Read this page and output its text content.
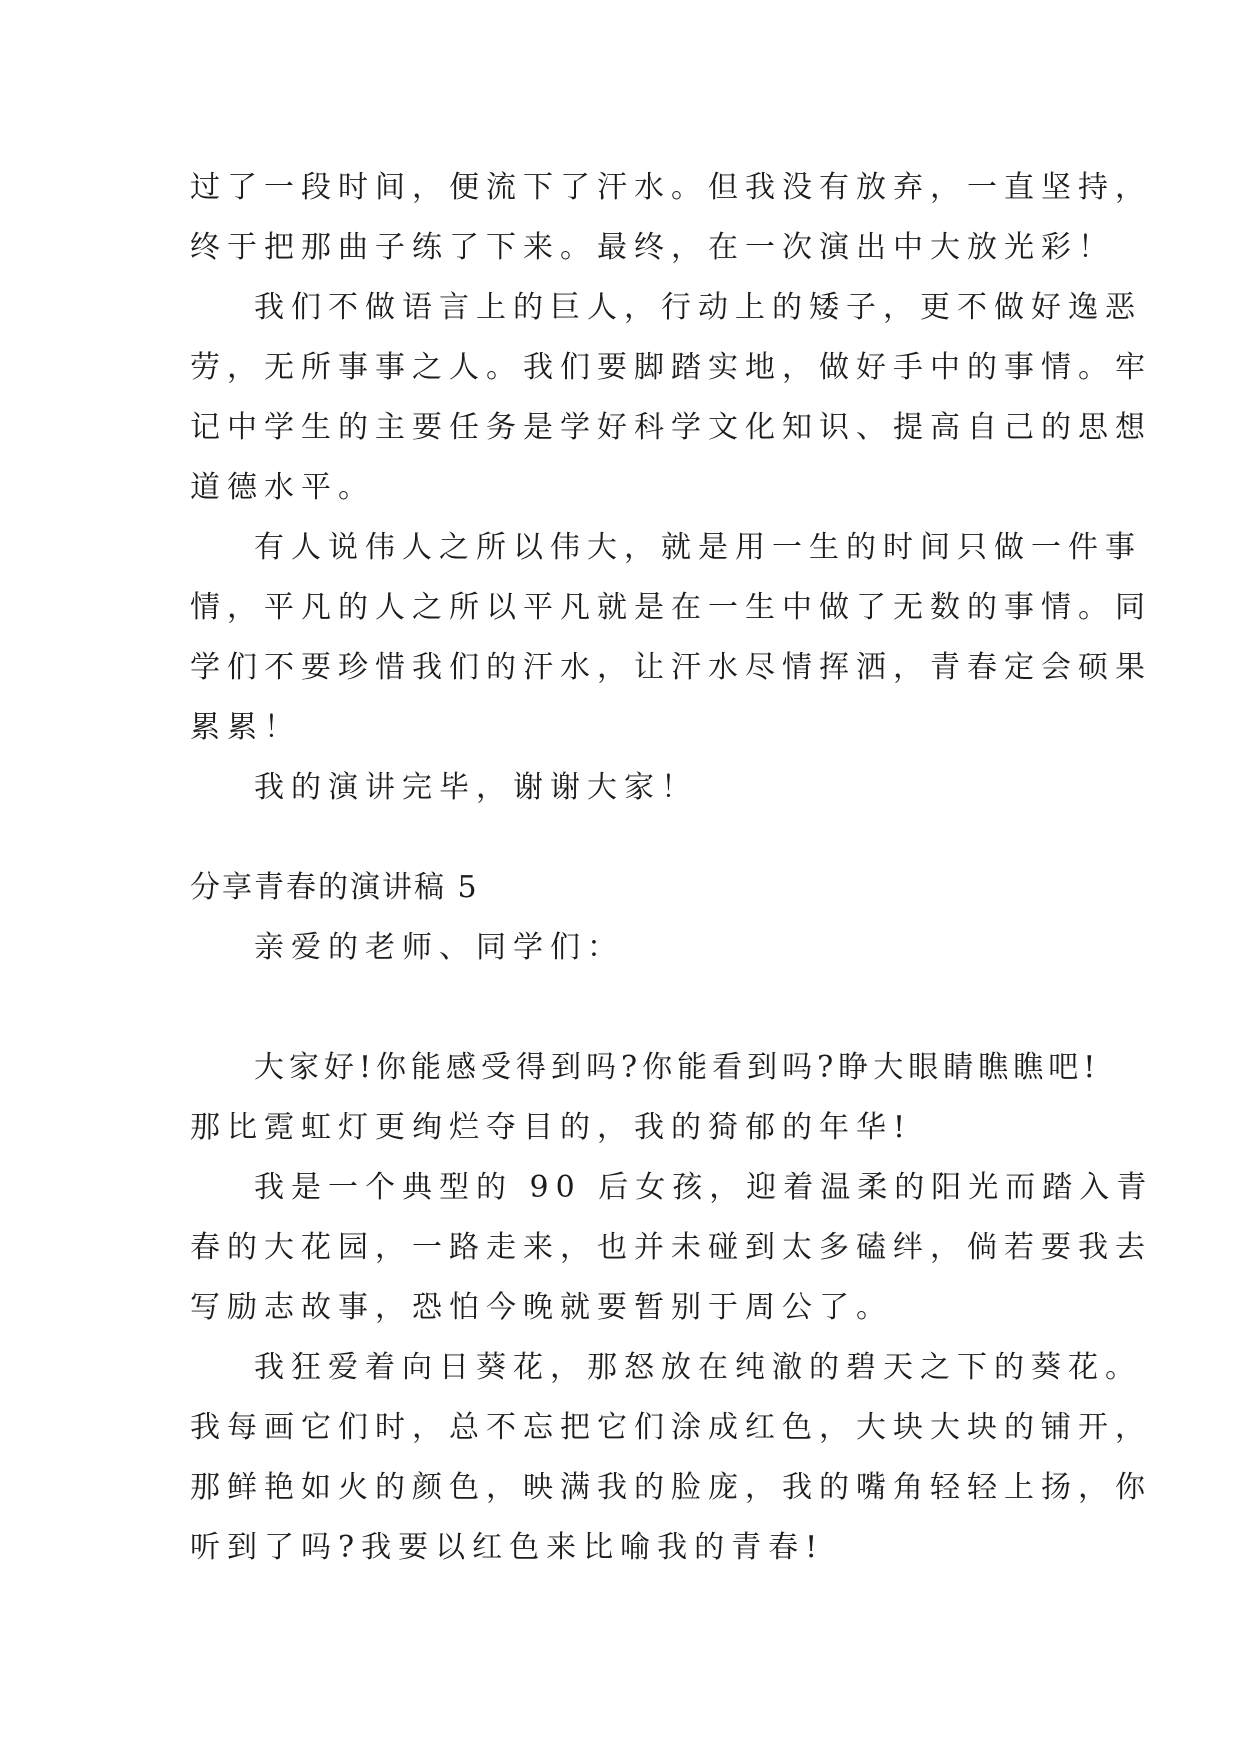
过了一段时间，便流下了汗水。但我没有放弃，一直坚持，

终于把那曲子练了下来。最终，在一次演出中大放光彩！

我们不做语言上的巨人，行动上的矮子，更不做好逸恶

劳，无所事事之人。我们要脚踏实地，做好手中的事情。牢

记中学生的主要任务是学好科学文化知识、提高自己的思想

道德水平。

有人说伟人之所以伟大，就是用一生的时间只做一件事

情，平凡的人之所以平凡就是在一生中做了无数的事情。同

学们不要珍惜我们的汗水，让汗水尽情挥洒，青春定会硕果

累累！

我的演讲完毕，谢谢大家！

分享青春的演讲稿 5

亲爱的老师、同学们：

大家好!你能感受得到吗?你能看到吗?睁大眼睛瞧瞧吧!

那比霓虹灯更绚烂夺目的，我的猗郁的年华!

我是一个典型的 90 后女孩，迎着温柔的阳光而踏入青

春的大花园，一路走来，也并未碰到太多磕绊，倘若要我去

写励志故事，恐怕今晚就要暂别于周公了。

我狂爱着向日葵花，那怒放在纯澈的碧天之下的葵花。

我每画它们时，总不忘把它们涂成红色，大块大块的铺开，

那鲜艳如火的颜色，映满我的脸庞，我的嘴角轻轻上扬，你

听到了吗?我要以红色来比喻我的青春!
